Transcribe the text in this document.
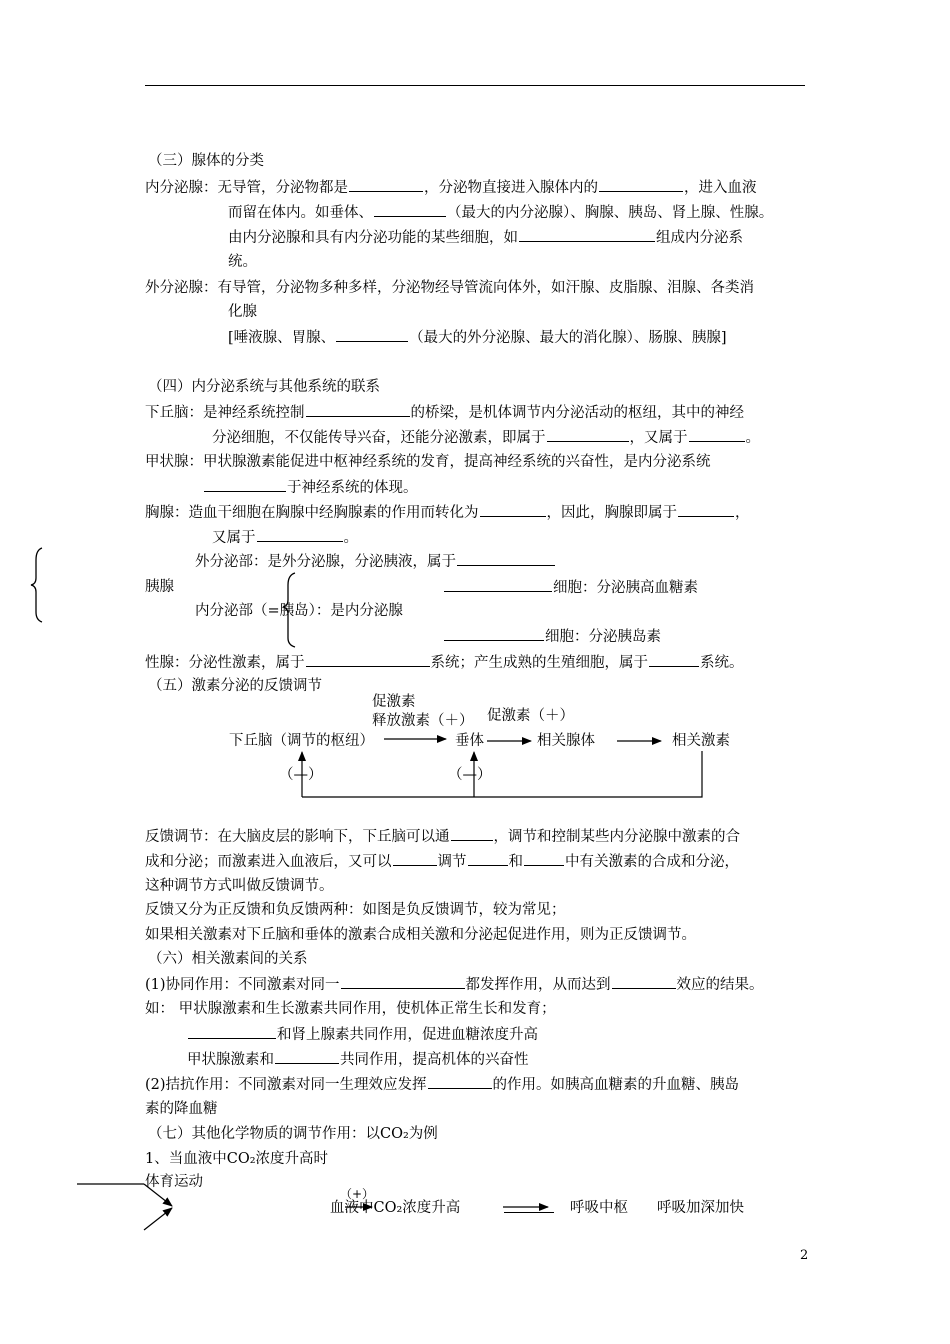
（三）腺体的分类
内分泌腺：无导管，分泌物都是	，分泌物直接进入腺体内的	，进入血液
而留在体内。如垂体、	（最大的内分泌腺）、胸腺、胰岛、肾上腺、性腺。
由内分泌腺和具有内分泌功能的某些细胞，如	组成内分泌系
统。
外分泌腺：有导管，分泌物多种多样，分泌物经导管流向体外，如汗腺、皮脂腺、泪腺、各类消
化腺
[唾液腺、胃腺、	（最大的外分泌腺、最大的消化腺）、肠腺、胰腺]
（四）内分泌系统与其他系统的联系
下丘脑：是神经系统控制	的桥梁，是机体调节内分泌活动的枢纽，其中的神经
分泌细胞，不仅能传导兴奋，还能分泌激素，即属于	，又属于	。
甲状腺：甲状腺激素能促进中枢神经系统的发育，提高神经系统的兴奋性，是内分泌系统
于神经系统的体现。
胸腺：造血干细胞在胸腺中经胸腺素的作用而转化为	，因此，胸腺即属于	，
又属于	。
外分泌部：是外分泌腺，分泌胰液，属于
胰腺	细胞：分泌胰高血糖素
内分泌部（=胰岛）：是内分泌腺
细胞：分泌胰岛素
性腺：分泌性激素，属于	系统；产生成熟的生殖细胞，属于	系统。
（五）激素分泌的反馈调节
促激素
释放激素（＋） 促激素（＋）
下丘脑（调节的枢纽）	垂体	相关腺体	相关激素
（—）	（—）
反馈调节：在大脑皮层的影响下，下丘脑可以通	，调节和控制某些内分泌腺中激素的合
成和分泌；而激素进入血液后，又可以	调节	和	中有关激素的合成和分泌，
这种调节方式叫做反馈调节。
反馈又分为正反馈和负反馈两种：如图是负反馈调节，较为常见；
如果相关激素对下丘脑和垂体的激素合成相关激和分泌起促进作用，则为正反馈调节。
（六）相关激素间的关系
(1)协同作用：不同激素对同一	都发挥作用，从而达到	效应的结果。
如： 甲状腺激素和生长激素共同作用，使机体正常生长和发育；
和肾上腺素共同作用，促进血糖浓度升高
甲状腺激素和	共同作用，提高机体的兴奋性
(2)拮抗作用：不同激素对同一生理效应发挥	的作用。如胰高血糖素的升血糖、胰岛
素的降血糖
（七）其他化学物质的调节作用：以CO₂为例
1、当血液中CO₂浓度升高时
体育运动
（+）
血液中CO₂浓度升高	呼吸中枢 呼吸加深加快
2
